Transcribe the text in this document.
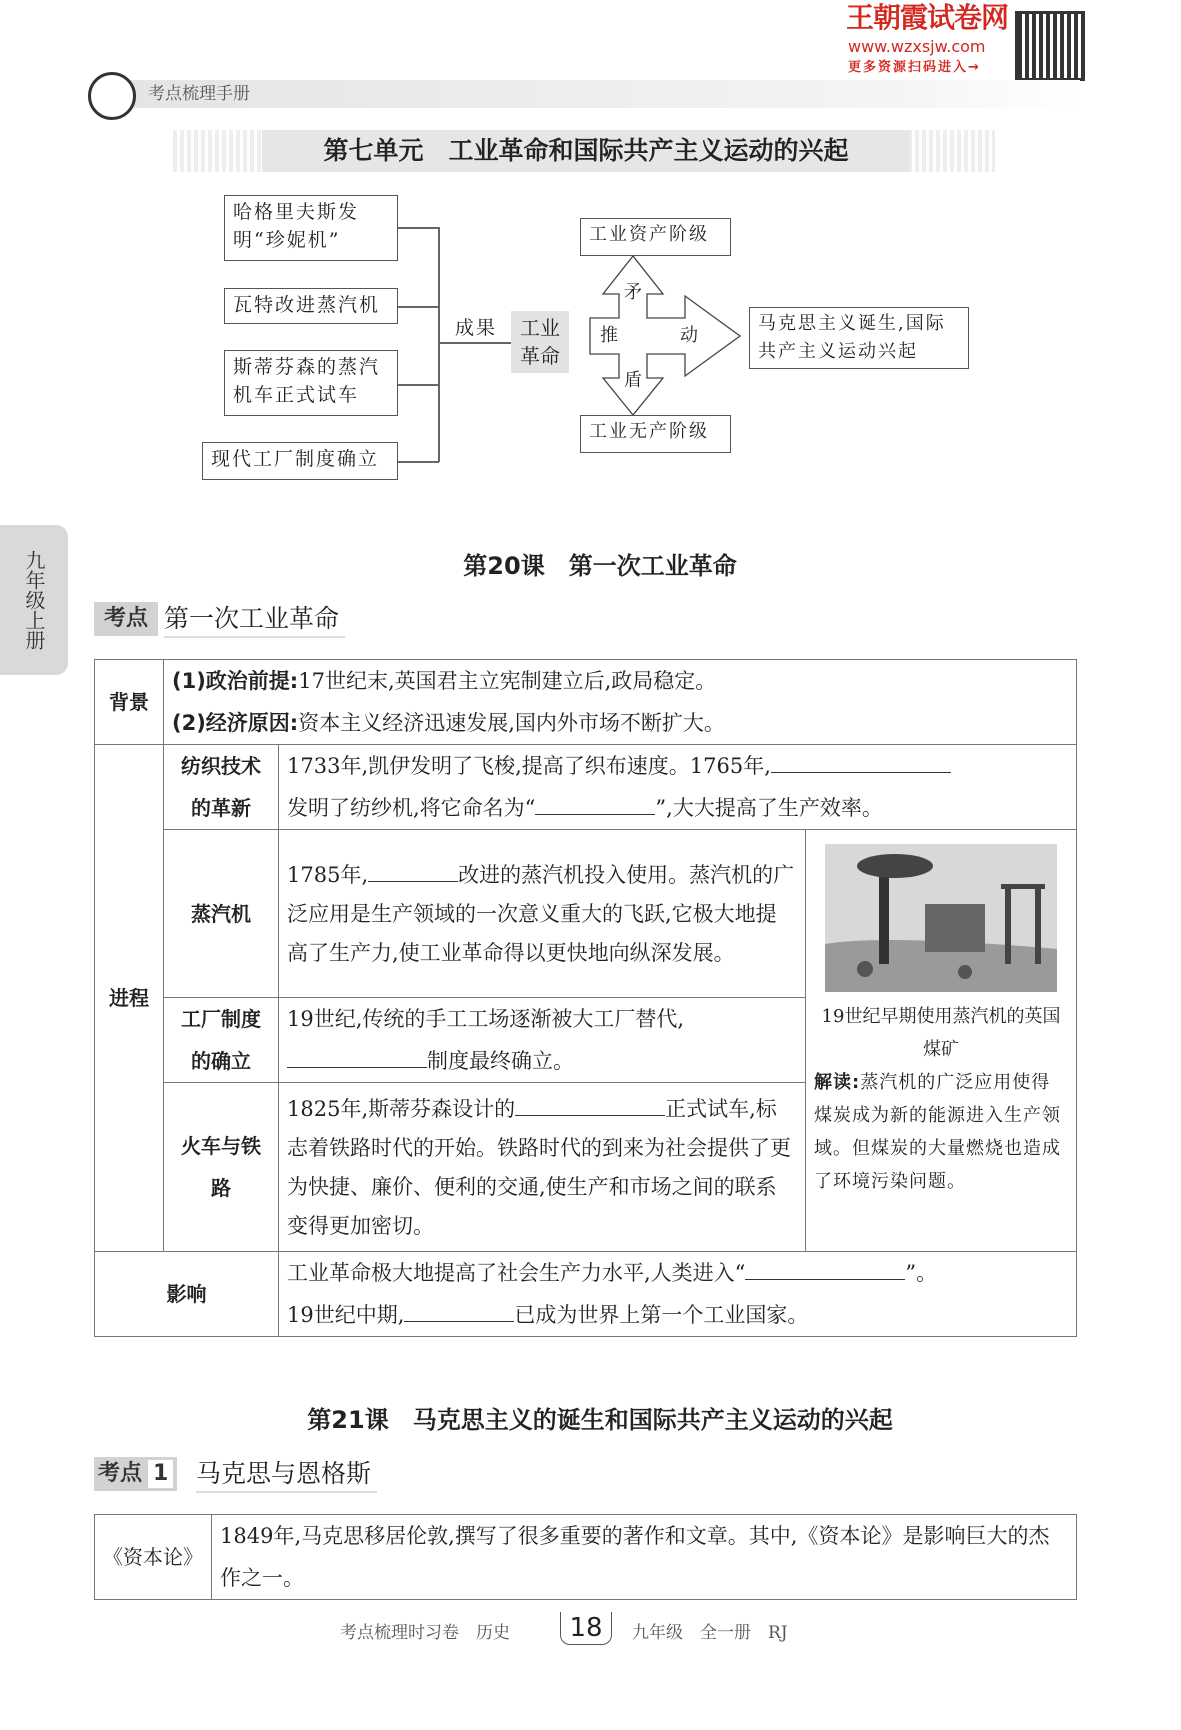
王朝霞试卷网
www.wzxsjw.com
更多资源扫码进入→
考点梳理手册
第七单元　工业革命和国际共产主义运动的兴起
哈格里夫斯发明“珍妮机”
瓦特改进蒸汽机
斯蒂芬森的蒸汽机车正式试车
现代工厂制度确立
成果	工业革命
工业资产阶级
工业无产阶级
矛
盾
推	动
马克思主义诞生,国际共产主义运动兴起
九年级上册	第20课　第一次工业革命
考点 第一次工业革命
背景	(1)政治前提:17世纪末,英国君主立宪制建立后,政局稳定。
(2)经济原因:资本主义经济迅速发展,国内外市场不断扩大。		

进程	纺织技术的革新	1733年,凯伊发明了飞梭,提高了织布速度。1765年,
发明了纺纱机,将它命名为“ ”,大大提高了生产效率。	
	蒸汽机	1785年, 改进的蒸汽机投入使用。蒸汽机的广泛应用是生产领域的一次意义重大的飞跃,它极大地提高了生产力,使工业革命得以更快地向纵深发展。	19世纪早期使用蒸汽机的英国煤矿
解读:蒸汽机的广泛应用使得煤炭成为新的能源进入生产领域。但煤炭的大量燃烧也造成了环境污染问题。

	工厂制度的确立	19世纪,传统的手工工场逐渐被大工厂替代,
制度最终确立。	
	火车与铁路	1825年,斯蒂芬森设计的 正式试车,标志着铁路时代的开始。铁路时代的到来为社会提供了更为快捷、廉价、便利的交通,使生产和市场之间的联系变得更加密切。	
影响		工业革命极大地提高了社会生产力水平,人类进入“ ”。
19世纪中期, 已成为世界上第一个工业国家。	
第21课　马克思主义的诞生和国际共产主义运动的兴起
考点 1 马克思与恩格斯
《资本论》	1849年,马克思移居伦敦,撰写了很多重要的著作和文章。其中,《资本论》是影响巨大的杰作之一。
考点梳理时习卷　历史	18	九年级　全一册　RJ
